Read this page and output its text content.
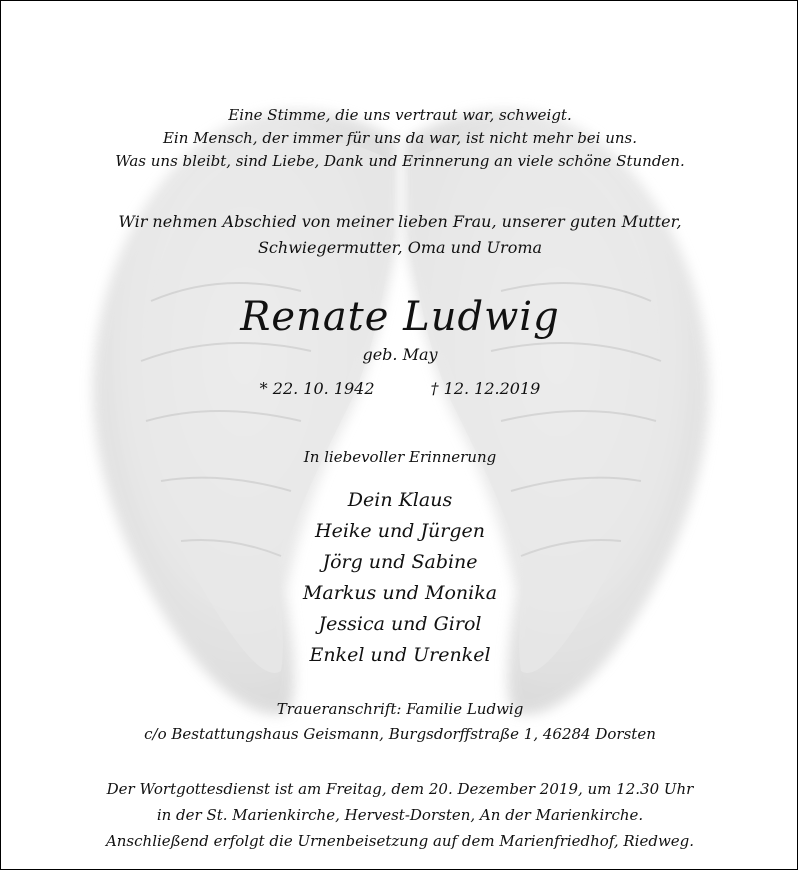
Eine Stimme, die uns vertraut war, schweigt.
Ein Mensch, der immer für uns da war, ist nicht mehr bei uns.
Was uns bleibt, sind Liebe, Dank und Erinnerung an viele schöne Stunden.
Wir nehmen Abschied von meiner lieben Frau, unserer guten Mutter,
Schwiegermutter, Oma und Uroma
Renate Ludwig
geb. May
* 22. 10. 1942	† 12. 12.2019
In liebevoller Erinnerung
Dein Klaus
Heike und Jürgen
Jörg und Sabine
Markus und Monika
Jessica und Girol
Enkel und Urenkel
Traueranschrift: Familie Ludwig
c/o Bestattungshaus Geismann, Burgsdorffstraße 1, 46284 Dorsten
Der Wortgottesdienst ist am Freitag, dem 20. Dezember 2019, um 12.30 Uhr
in der St. Marienkirche, Hervest-Dorsten, An der Marienkirche.
Anschließend erfolgt die Urnenbeisetzung auf dem Marienfriedhof, Riedweg.
